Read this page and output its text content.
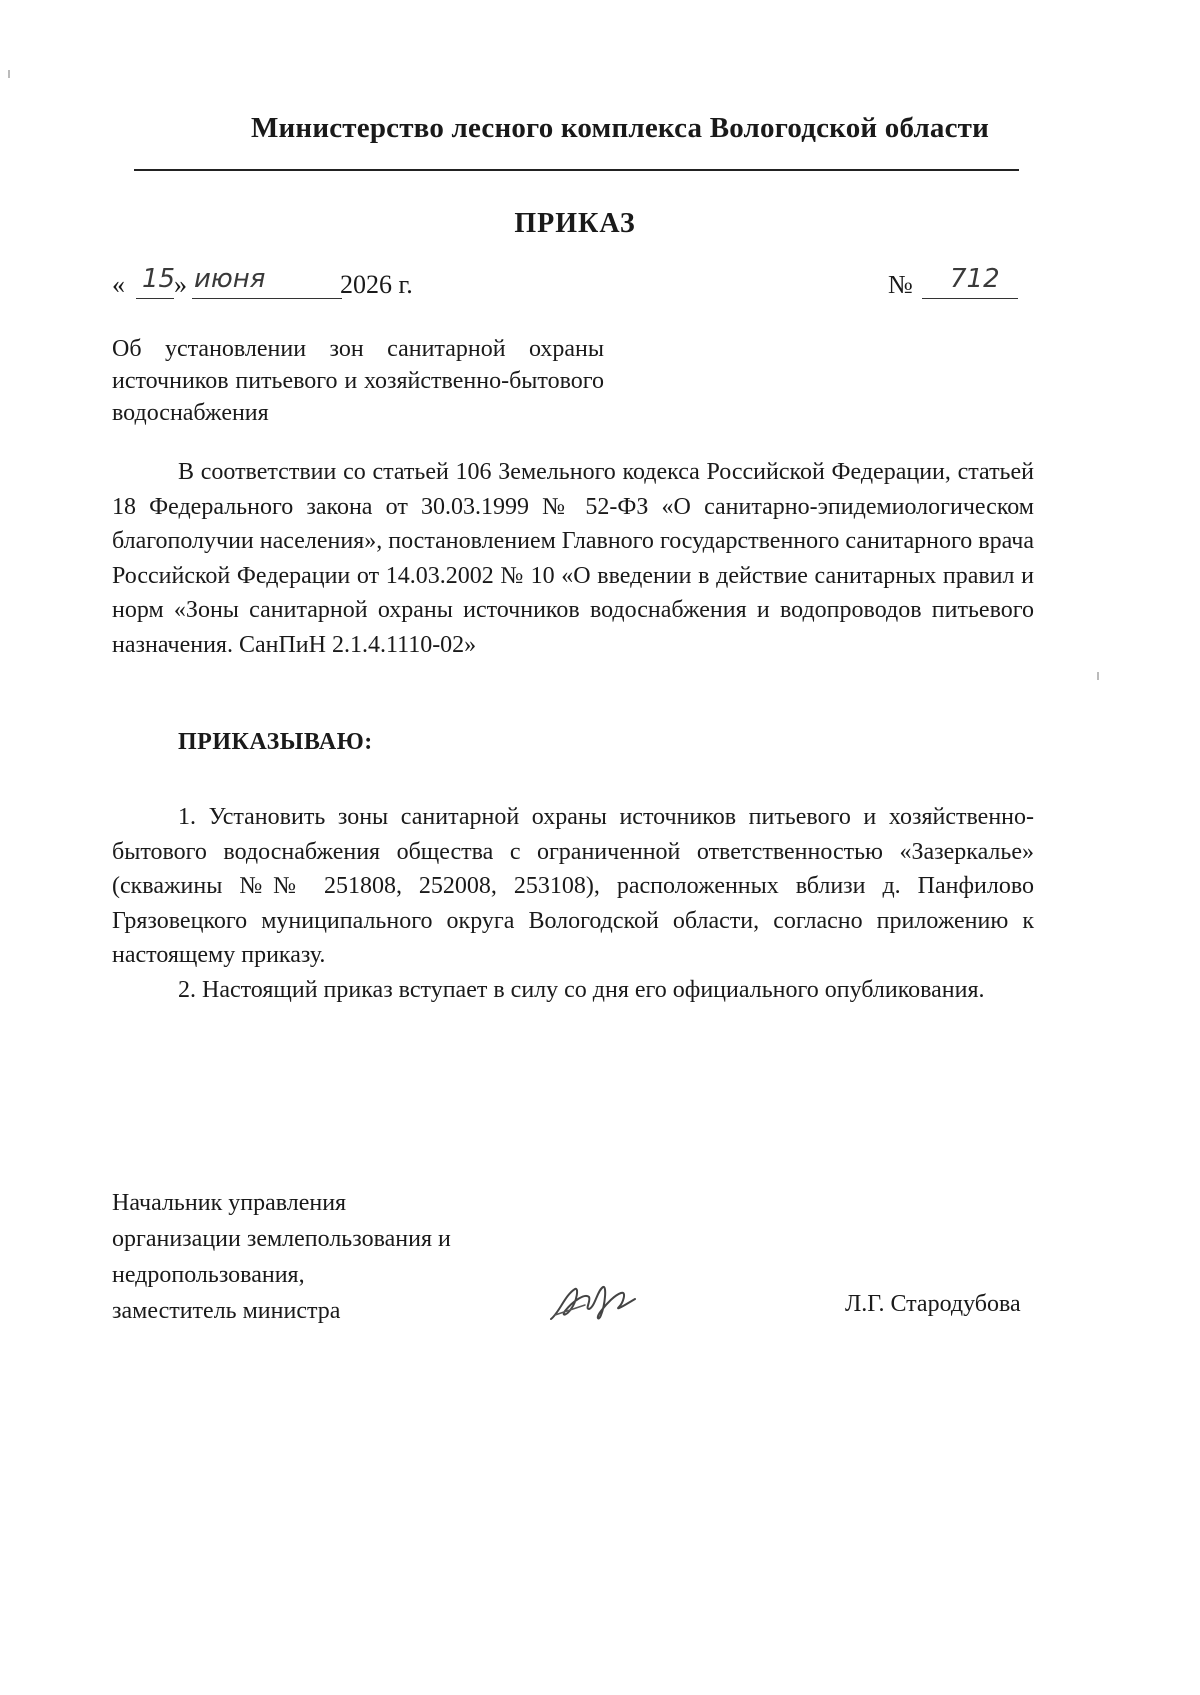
Министерство лесного комплекса Вологодской области
ПРИКАЗ
« 15
» июня	2026 г.	№ 712
Об установлении зон санитарной охраны источников питьевого и хозяйственно-бытового водоснабжения

В соответствии со статьей 106 Земельного кодекса Российской Федерации, статьей 18 Федерального закона от 30.03.1999 № 52-ФЗ «О санитарно-эпидемиологическом благополучии населения», постановлением Главного государственного санитарного врача Российской Федерации от 14.03.2002 № 10 «О введении в действие санитарных правил и норм «Зоны санитарной охраны источников водоснабжения и водопроводов питьевого назначения. СанПиН 2.1.4.1110-02»

ПРИКАЗЫВАЮ:

1. Установить зоны санитарной охраны источников питьевого и хозяйственно-бытового водоснабжения общества с ограниченной ответственностью «Зазеркалье» (скважины №№ 251808, 252008, 253108), расположенных вблизи д. Панфилово Грязовецкого муниципального округа Вологодской области, согласно приложению к настоящему приказу.

2. Настоящий приказ вступает в силу со дня его официального опубликования.

Начальник управления
организации землепользования и
недропользования,
заместитель министра	Л.Г. Стародубова
